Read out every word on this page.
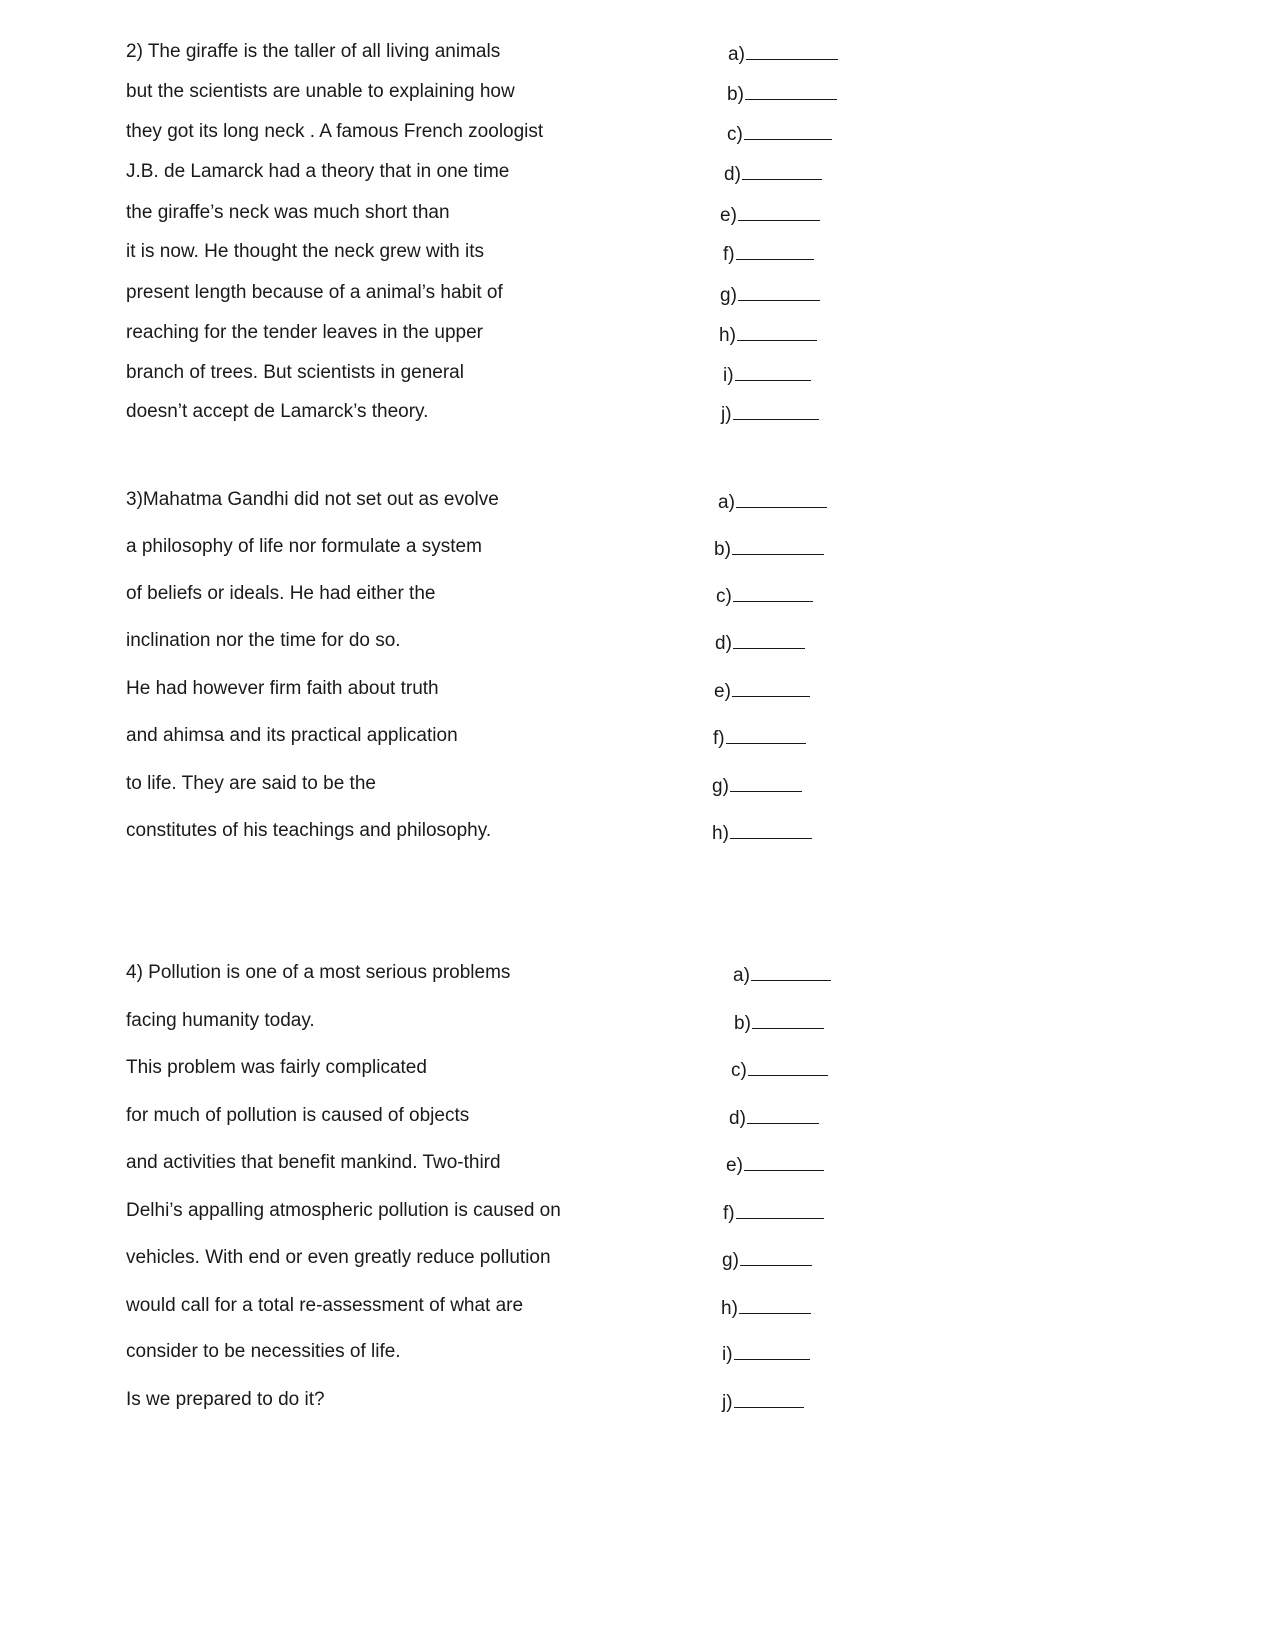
2) The giraffe is the taller of all living animals
but the scientists are unable to explaining how
they got its long neck . A famous French zoologist
J.B. de Lamarck had a theory that in one time
the giraffe’s neck was much short than
it is now. He thought the neck grew with its
present length because of a animal’s habit of
reaching for the tender leaves in the upper
branch of trees. But scientists in general
doesn’t accept de Lamarck’s theory.
a)
b)
c)
d)
e)
f)
g)
h)
i)
j)
3)Mahatma Gandhi did not set out as evolve
a philosophy of life nor formulate a system
of beliefs or ideals. He had either the
inclination nor the time for do so.
He had however firm faith about truth
and ahimsa and its practical application
to life. They are said to be the
constitutes of his teachings and philosophy.
a)
b)
c)
d)
e)
f)
g)
h)
4) Pollution is one of a most serious problems
facing humanity today.
This problem was fairly complicated
for much of pollution is caused of objects
and activities that benefit mankind. Two-third
Delhi’s appalling atmospheric pollution is caused on
vehicles. With end or even greatly reduce pollution
would call for a total re-assessment of what are
consider to be necessities of life.
Is we prepared to do it?
a)
b)
c)
d)
e)
f)
g)
h)
i)
j)
